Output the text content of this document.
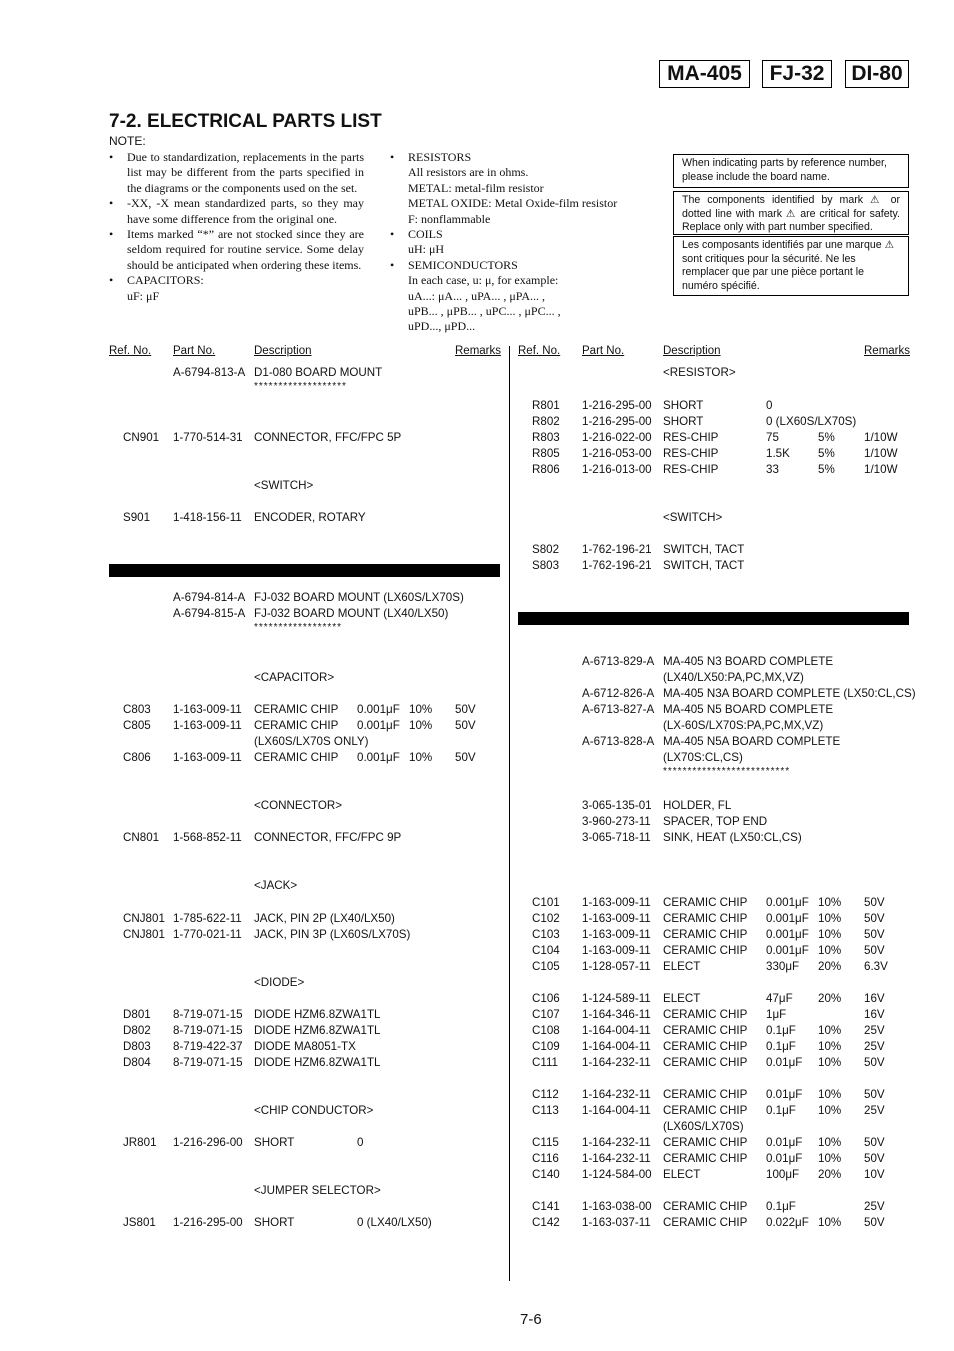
MA-405 FJ-32 DI-80
7-2. ELECTRICAL PARTS LIST
NOTE:
• Due to standardization, replacements in the parts list may be different from the parts specified in the diagrams or the components used on the set.
• -XX, -X mean standardized parts, so they may have some difference from the original one.
• Items marked “*” are not stocked since they are seldom required for routine service. Some delay should be anticipated when ordering these items.
• CAPACITORS:
uF: μF
• RESISTORS
All resistors are in ohms.
METAL: metal-film resistor
METAL OXIDE: Metal Oxide-film resistor
F: nonflammable
• COILS
uH: μH
• SEMICONDUCTORS
In each case, u: μ, for example:
uA...: μA... , uPA... , μPA... ,
uPB... , μPB... , uPC... , μPC... ,
uPD..., μPD...
When indicating parts by reference number, please include the board name.
The components identified by mark ⚠ or dotted line with mark ⚠ are critical for safety. Replace only with part number specified.
Les composants identifiés par une marque ⚠ sont critiques pour la sécurité. Ne les remplacer que par une pièce portant le numéro spécifié.
Ref. No. Part No.	Description	Remarks Ref. No. Part No.	Description	Remarks
A-6794-813-A D1-080 BOARD MOUNT
*******************
CN901 1-770-514-31 CONNECTOR, FFC/FPC 5P
<SWITCH>
S901 1-418-156-11 ENCODER, ROTARY
A-6794-814-A FJ-032 BOARD MOUNT (LX60S/LX70S)
A-6794-815-A FJ-032 BOARD MOUNT (LX40/LX50)
******************
<CAPACITOR>
C803 1-163-009-11 CERAMIC CHIP 0.001μF 10% 50V
C805 1-163-009-11 CERAMIC CHIP 0.001μF 10% 50V
(LX60S/LX70S ONLY)
C806 1-163-009-11 CERAMIC CHIP 0.001μF 10% 50V
<CONNECTOR>
CN801 1-568-852-11 CONNECTOR, FFC/FPC 9P
<JACK>
CNJ801 1-785-622-11 JACK, PIN 2P (LX40/LX50)
CNJ801 1-770-021-11 JACK, PIN 3P (LX60S/LX70S)
<DIODE>
D801 8-719-071-15 DIODE HZM6.8ZWA1TL
D802 8-719-071-15 DIODE HZM6.8ZWA1TL
D803 8-719-422-37 DIODE MA8051-TX
D804 8-719-071-15 DIODE HZM6.8ZWA1TL
<CHIP CONDUCTOR>
JR801 1-216-296-00 SHORT	0
<JUMPER SELECTOR>
JS801 1-216-295-00 SHORT	0 (LX40/LX50)
<RESISTOR>
R801 1-216-295-00 SHORT	0
R802 1-216-295-00 SHORT	0 (LX60S/LX70S)
R803 1-216-022-00 RES-CHIP	75	5%	1/10W
R805 1-216-053-00 RES-CHIP	1.5K 5%	1/10W
R806 1-216-013-00 RES-CHIP	33	5%	1/10W
<SWITCH>
S802 1-762-196-21 SWITCH, TACT
S803 1-762-196-21 SWITCH, TACT
A-6713-829-A MA-405 N3 BOARD COMPLETE
(LX40/LX50:PA,PC,MX,VZ)
A-6712-826-A MA-405 N3A BOARD COMPLETE (LX50:CL,CS)
A-6713-827-A MA-405 N5 BOARD COMPLETE
(LX-60S/LX70S:PA,PC,MX,VZ)
A-6713-828-A MA-405 N5A BOARD COMPLETE
(LX70S:CL,CS)
**************************
3-065-135-01 HOLDER, FL
3-960-273-11 SPACER, TOP END
3-065-718-11 SINK, HEAT (LX50:CL,CS)
C101 1-163-009-11 CERAMIC CHIP 0.001μF 10% 50V
C102 1-163-009-11 CERAMIC CHIP 0.001μF 10% 50V
C103 1-163-009-11 CERAMIC CHIP 0.001μF 10% 50V
C104 1-163-009-11 CERAMIC CHIP 0.001μF 10% 50V
C105 1-128-057-11 ELECT	330μF 20% 6.3V
C106 1-124-589-11 ELECT	47μF 20% 16V
C107 1-164-346-11 CERAMIC CHIP 1μF	16V
C108 1-164-004-11 CERAMIC CHIP 0.1μF 10% 25V
C109 1-164-004-11 CERAMIC CHIP 0.1μF 10% 25V
C111 1-164-232-11 CERAMIC CHIP 0.01μF 10% 50V
C112 1-164-232-11 CERAMIC CHIP 0.01μF 10% 50V
C113 1-164-004-11 CERAMIC CHIP 0.1μF 10% 25V
(LX60S/LX70S)
C115 1-164-232-11 CERAMIC CHIP 0.01μF 10% 50V
C116 1-164-232-11 CERAMIC CHIP 0.01μF 10% 50V
C140 1-124-584-00 ELECT	100μF 20% 10V
C141 1-163-038-00 CERAMIC CHIP 0.1μF	25V
C142 1-163-037-11 CERAMIC CHIP 0.022μF 10% 50V
7-6
